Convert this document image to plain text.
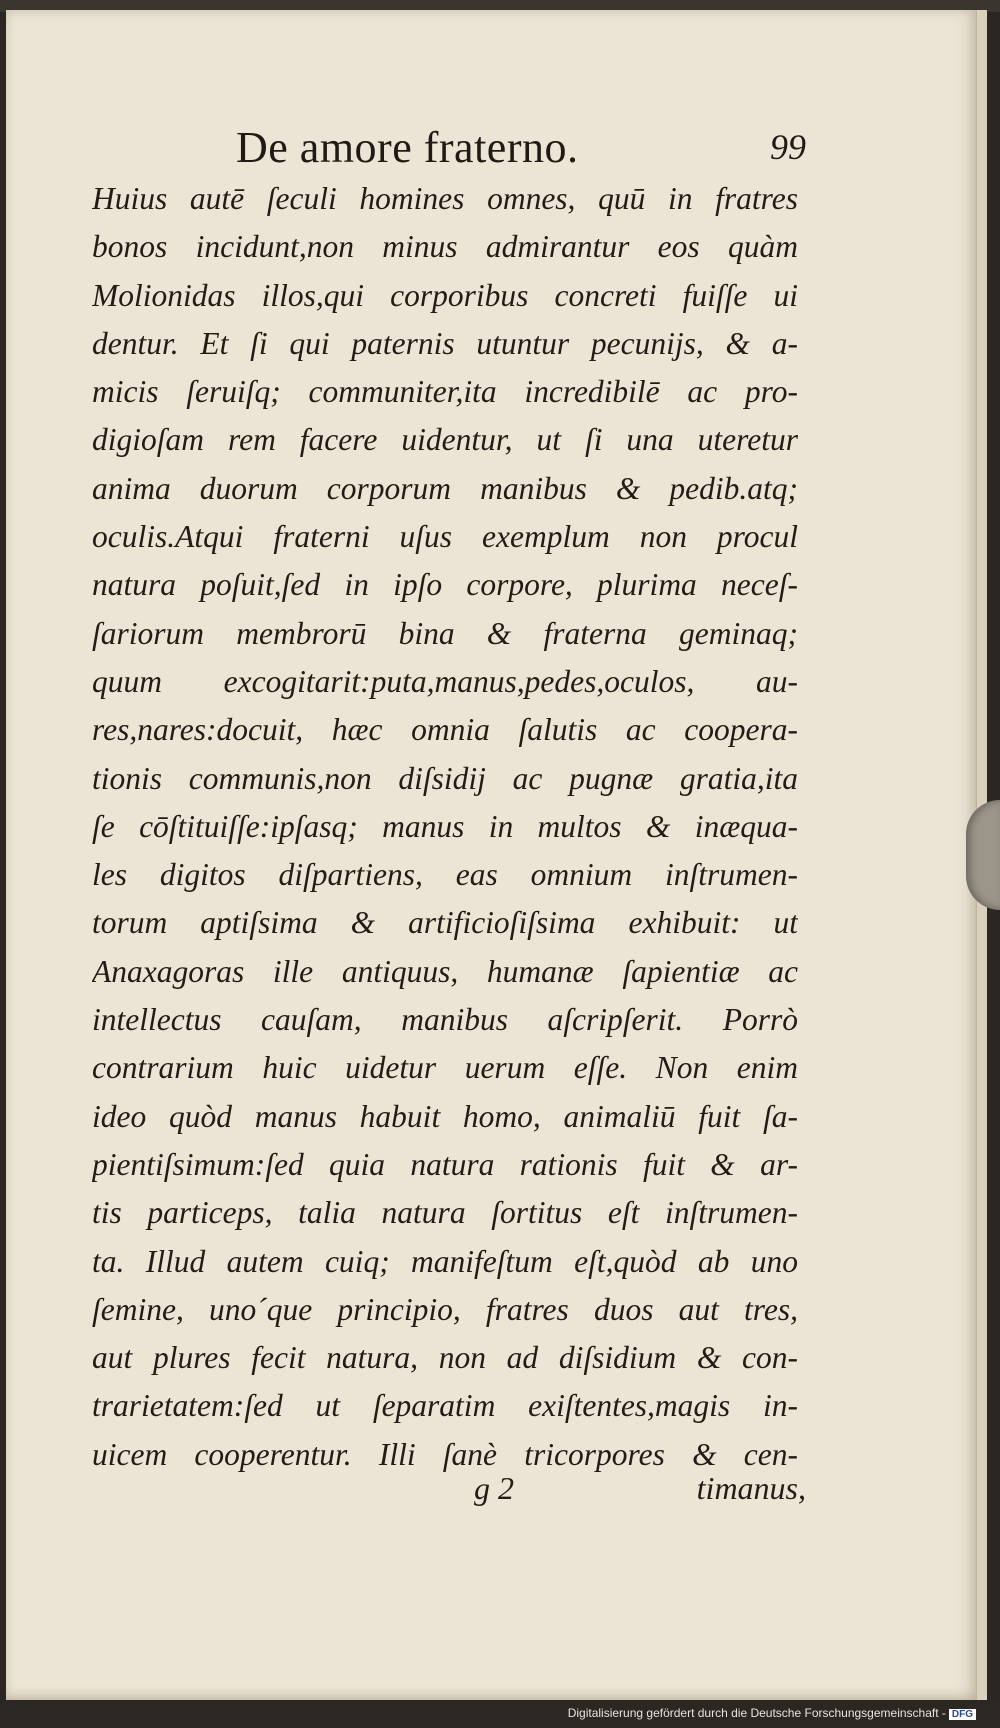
De amore fraterno.	99
Huius autē ſeculi homines omnes, quū in fratres
bonos incidunt,non minus admirantur eos quàm
Molionidas illos,qui corporibus concreti fuiſſe ui
dentur. Et ſi qui paternis utuntur pecunijs, & a-
micis ſeruiſq; communiter,ita incredibilē ac pro-
digioſam rem facere uidentur, ut ſi una uteretur
anima duorum corporum manibus & pedib.atq;
oculis.Atqui fraterni uſus exemplum non procul
natura poſuit,ſed in ipſo corpore, plurima neceſ-
ſariorum membrorū bina & fraterna geminaq;
quum excogitarit:puta,manus,pedes,oculos, au-
res,nares:docuit, hæc omnia ſalutis ac coopera-
tionis communis,non diſsidij ac pugnæ gratia,ita
ſe cōſtituiſſe:ipſasq; manus in multos & inæqua-
les digitos diſpartiens, eas omnium inſtrumen-
torum aptiſsima & artificioſiſsima exhibuit: ut
Anaxagoras ille antiquus, humanæ ſapientiæ ac
intellectus cauſam, manibus aſcripſerit. Porrò
contrarium huic uidetur uerum eſſe. Non enim
ideo quòd manus habuit homo, animaliū fuit ſa-
pientiſsimum:ſed quia natura rationis fuit & ar-
tis particeps, talia natura ſortitus eſt inſtrumen-
ta. Illud autem cuiq; manifeſtum eſt,quòd ab uno
ſemine, uno´que principio, fratres duos aut tres,
aut plures fecit natura, non ad diſsidium & con-
trarietatem:ſed ut ſeparatim exiſtentes,magis in-
uicem cooperentur. Illi ſanè tricorpores & cen-
g 2	timanus,
Digitalisierung gefördert durch die Deutsche Forschungsgemeinschaft - DFG
